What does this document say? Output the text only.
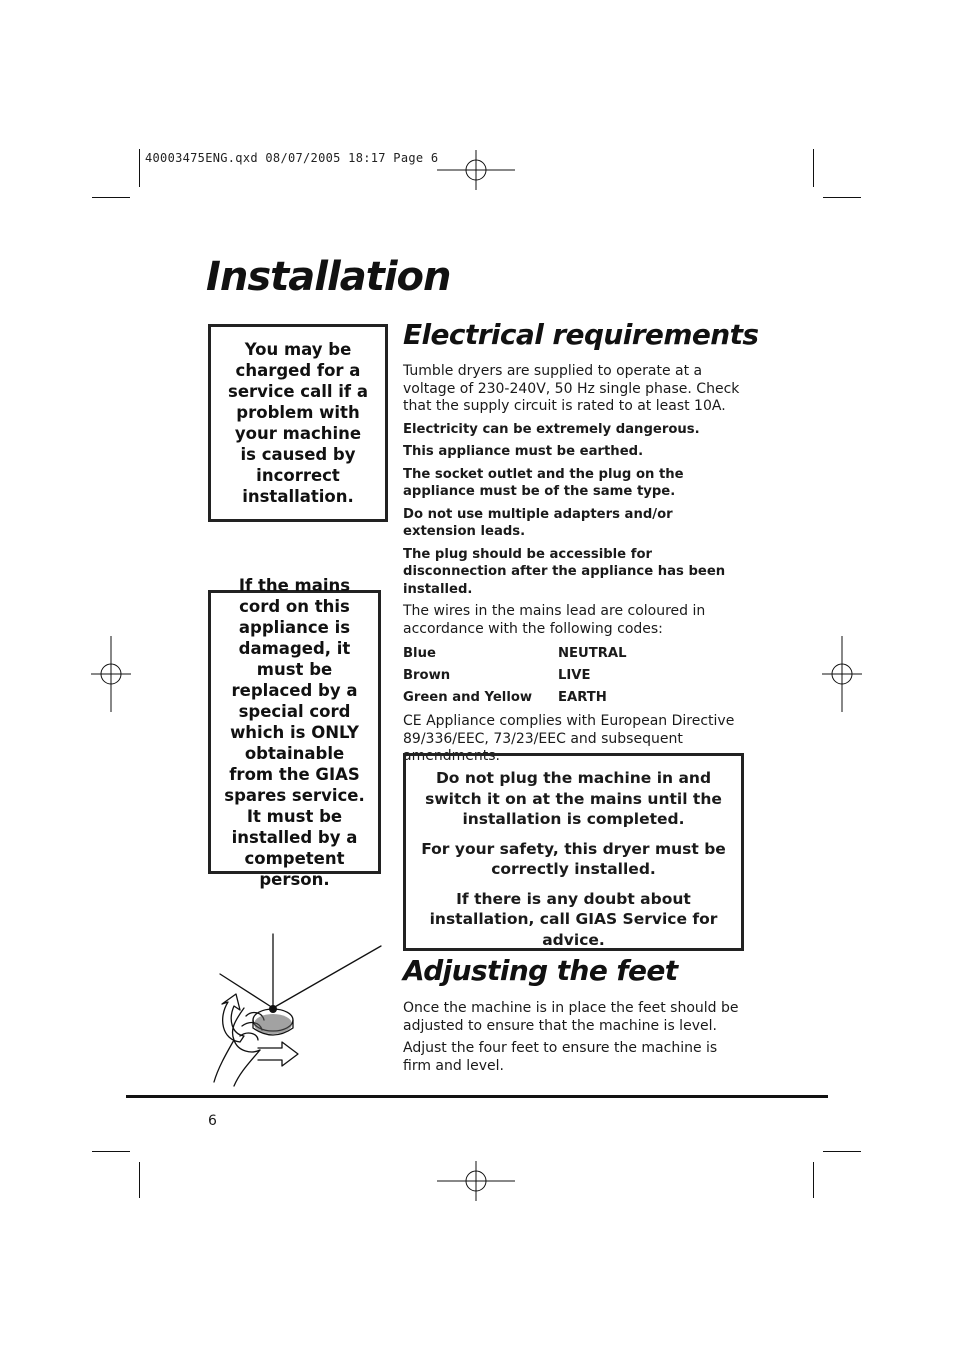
40003475ENG.qxd 08/07/2005 18:17 Page 6
Installation
You may be charged for a service call if a problem with your machine is caused by incorrect installation.
If the mains cord on this appliance is damaged, it must be replaced by a special cord which is ONLY obtainable from the GIAS spares service. It must be installed by a competent person.
Electrical requirements

Tumble dryers are supplied to operate at a voltage of 230-240V, 50 Hz single phase. Check that the supply circuit is rated to at least 10A.

Electricity can be extremely dangerous.

This appliance must be earthed.

The socket outlet and the plug on the appliance must be of the same type.

Do not use multiple adapters and/or extension leads.

The plug should be accessible for disconnection after the appliance has been installed.

The wires in the mains lead are coloured in accordance with the following codes:

Blue	NEUTRAL
Brown	LIVE
Green and Yellow	EARTH

CE Appliance complies with European Directive 89/336/EEC, 73/23/EEC and subsequent amendments.

Do not plug the machine in and switch it on at the mains until the installation is completed.

For your safety, this dryer must be correctly installed.

If there is any doubt about installation, call GIAS Service for advice.

Adjusting the feet

Once the machine is in place the feet should be adjusted to ensure that the machine is level.

Adjust the four feet to ensure the machine is firm and level.

6
